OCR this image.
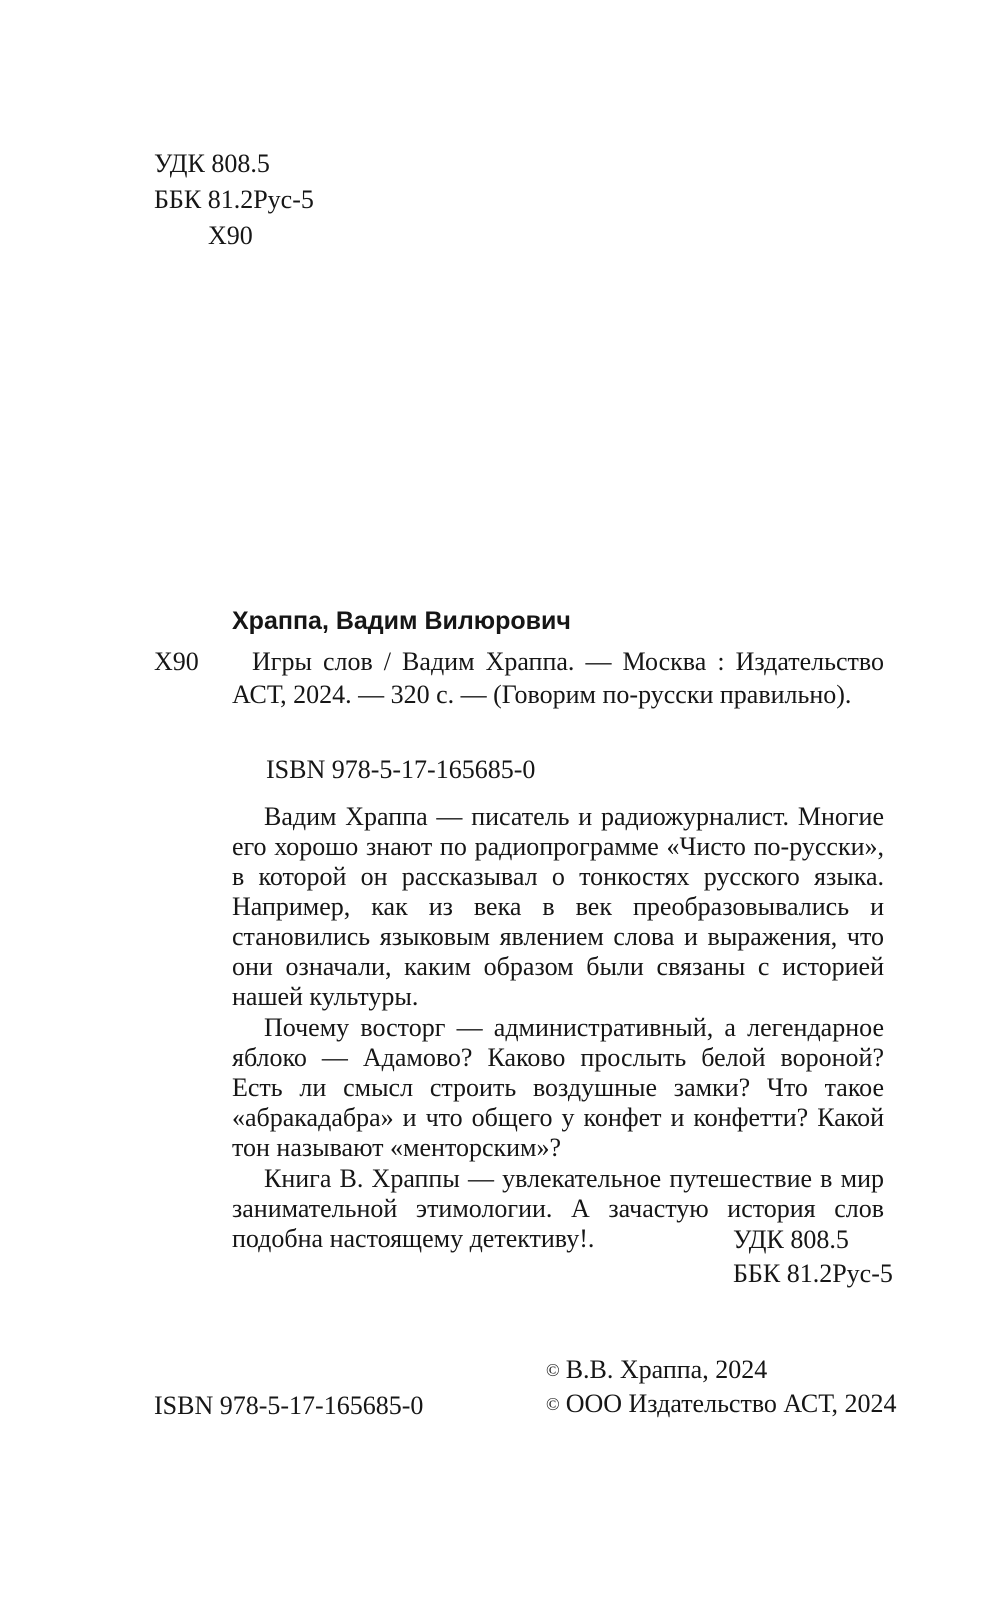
УДК 808.5
ББК 81.2Рус-5
Х90
Храппа, Вадим Вилюрович
Х90	Игры слов / Вадим Храппа. — Москва : Издательство АСТ, 2024. — 320 с. — (Говорим по-русски правильно).

ISBN 978-5-17-165685-0

Вадим Храппа — писатель и радиожурналист. Многие его хорошо знают по радиопрограмме «Чисто по-русски», в которой он рассказывал о тонкостях русского языка. Например, как из века в век преобразовывались и становились языковым явлением слова и выражения, что они означали, каким образом были связаны с историей нашей культуры.

Почему восторг — административный, а легендарное яблоко — Адамово? Каково прослыть белой вороной? Есть ли смысл строить воздушные замки? Что такое «абракадабра» и что общего у конфет и конфетти? Какой тон называют «менторским»?

Книга В. Храппы — увлекательное путешествие в мир занимательной этимологии. А зачастую история слов подобна настоящему детективу!.	УДК 808.5
ББК 81.2Рус-5
© В.В. Храппа, 2024
© ООО Издательство АСТ, 2024
ISBN 978-5-17-165685-0
